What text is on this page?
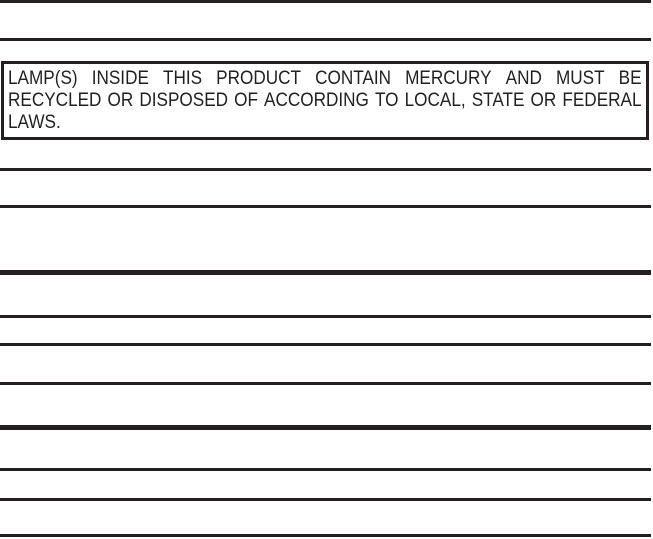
LAMP(S) INSIDE THIS PRODUCT CONTAIN MERCURY AND MUST BE
RECYCLED OR DISPOSED OF ACCORDING TO LOCAL, STATE OR FEDERAL
LAWS.
